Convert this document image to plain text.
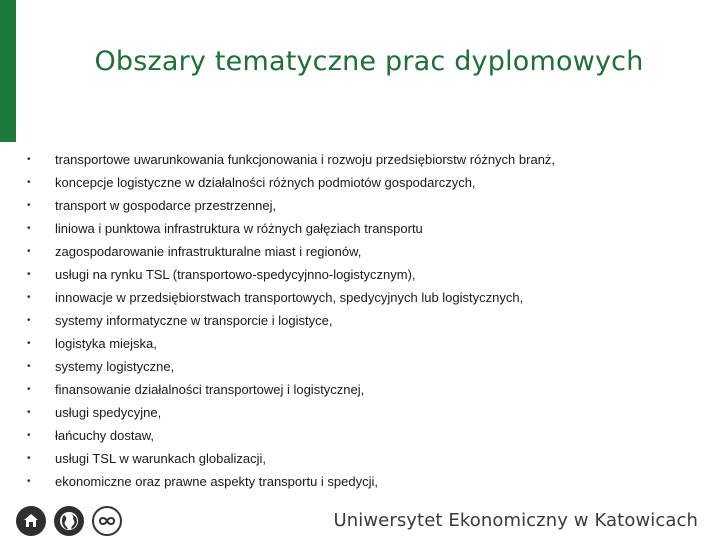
Obszary tematyczne prac dyplomowych
•	transportowe uwarunkowania funkcjonowania i rozwoju przedsiębiorstw różnych branż,
•	koncepcje logistyczne w działalności różnych podmiotów gospodarczych,
•	transport w gospodarce przestrzennej,
•	liniowa i punktowa infrastruktura w różnych gałęziach transportu
•	zagospodarowanie infrastrukturalne miast i regionów,
•	usługi na rynku TSL (transportowo-spedycyjnno-logistycznym),
•	innowacje w przedsiębiorstwach transportowych, spedycyjnych lub logistycznych,
•	systemy informatyczne w transporcie i logistyce,
•	logistyka miejska,
•	systemy logistyczne,
•	finansowanie działalności transportowej i logistycznej,
•	usługi spedycyjne,
•	łańcuchy dostaw,
•	usługi TSL w warunkach globalizacji,
•	ekonomiczne oraz prawne aspekty transportu i spedycji,
Uniwersytet Ekonomiczny w Katowicach
